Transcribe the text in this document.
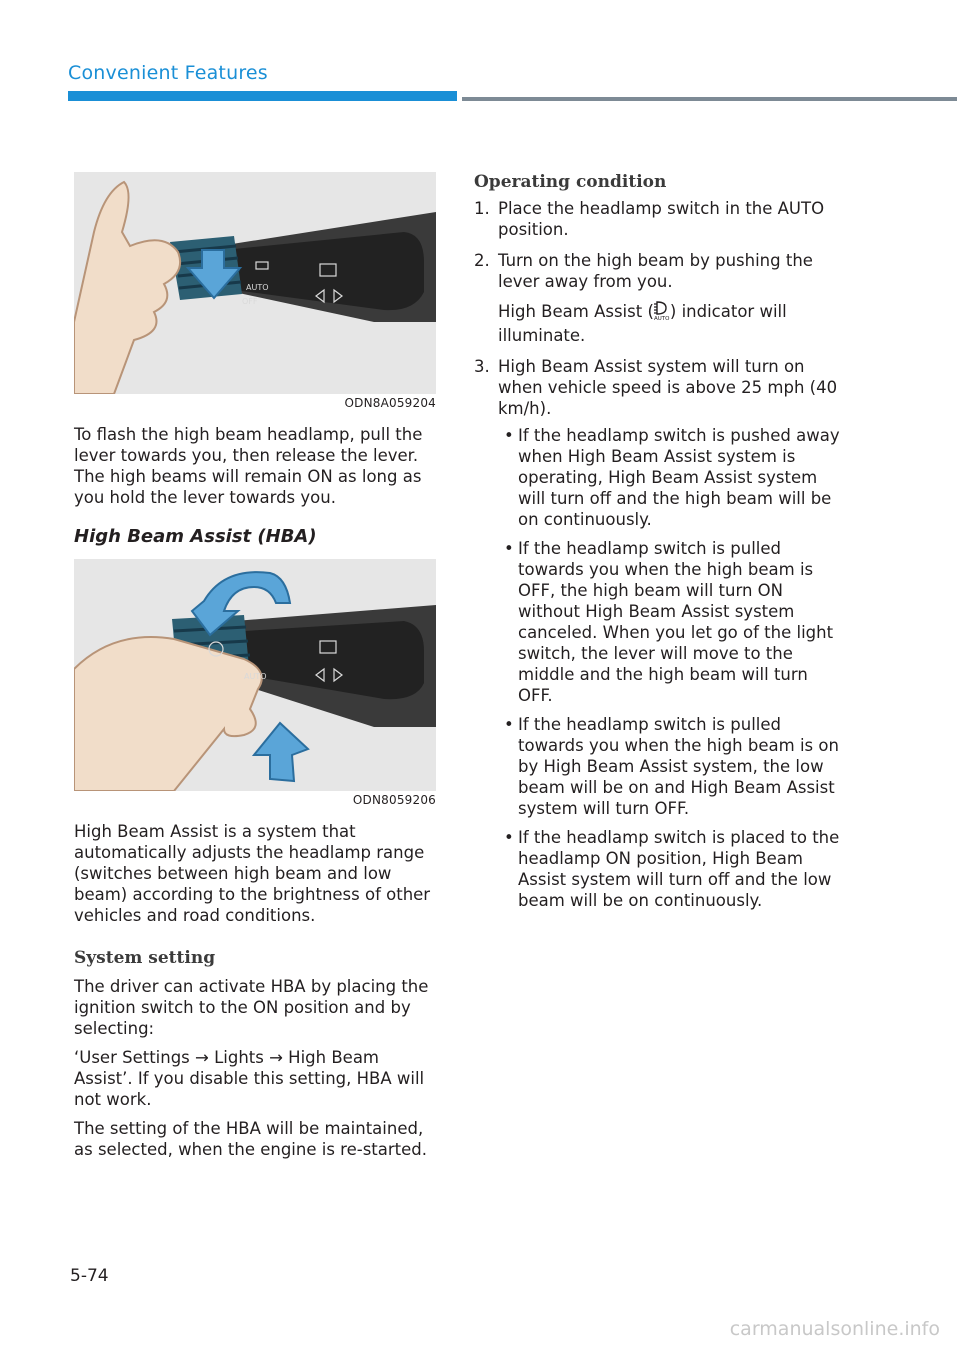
Convenient Features
AUTO
OFF
ODN8A059204

To flash the high beam headlamp, pull the lever towards you, then release the lever. The high beams will remain ON as long as you hold the lever towards you.

High Beam Assist (HBA)
AUTO
ODN8059206

High Beam Assist is a system that automatically adjusts the headlamp range (switches between high beam and low beam) according to the brightness of other vehicles and road conditions.

System setting

The driver can activate HBA by placing the ignition switch to the ON position and by selecting:

‘User Settings → Lights → High Beam Assist’. If you disable this setting, HBA will not work.

The setting of the HBA will be maintained, as selected, when the engine is re-started.

Operating condition
1. Place the headlamp switch in the AUTO position.
2. Turn on the high beam by pushing the lever away from you.
High Beam Assist ( AUTO ) indicator will illuminate.
3. High Beam Assist system will turn on when vehicle speed is above 25 mph (40 km/h).
• If the headlamp switch is pushed away when High Beam Assist system is operating, High Beam Assist system will turn off and the high beam will be on continuously.
• If the headlamp switch is pulled towards you when the high beam is OFF, the high beam will turn ON without High Beam Assist system canceled. When you let go of the light switch, the lever will move to the middle and the high beam will turn OFF.
• If the headlamp switch is pulled towards you when the high beam is on by High Beam Assist system, the low beam will be on and High Beam Assist system will turn OFF.
• If the headlamp switch is placed to the headlamp ON position, High Beam Assist system will turn off and the low beam will be on continuously.
5-74
carmanualsonline.info
